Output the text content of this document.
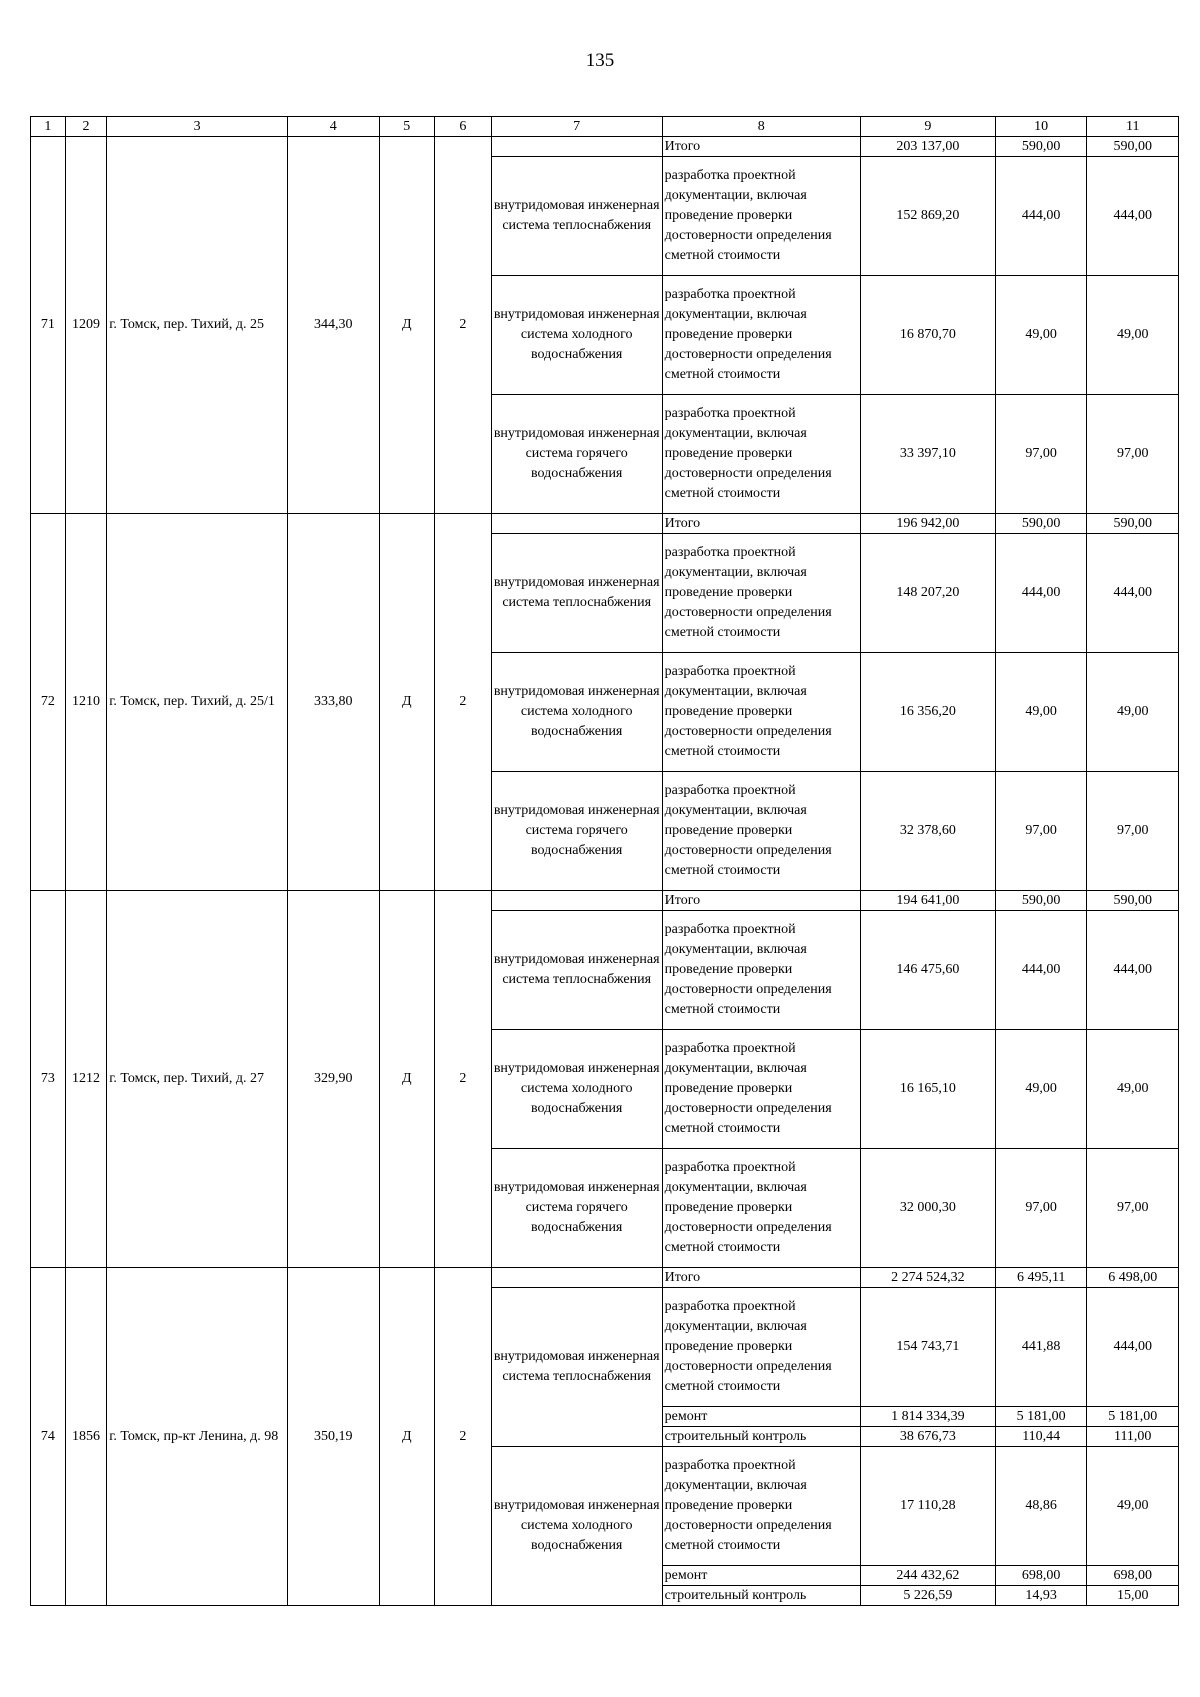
135
1	2	3	4	5	6	7	8	9	10	11
71	1209	г. Томск, пер. Тихий, д. 25	344,30	Д	2		Итого	203 137,00	590,00	590,00
						внутридомовая инженерная система теплоснабжения	разработка проектной документации, включая проведение проверки достоверности определения сметной стоимости	152 869,20	444,00	444,00
						внутридомовая инженерная система холодного водоснабжения	разработка проектной документации, включая проведение проверки достоверности определения сметной стоимости	16 870,70	49,00	49,00
						внутридомовая инженерная система горячего водоснабжения	разработка проектной документации, включая проведение проверки достоверности определения сметной стоимости	33 397,10	97,00	97,00
72	1210	г. Томск, пер. Тихий, д. 25/1	333,80	Д	2		Итого	196 942,00	590,00	590,00
						внутридомовая инженерная система теплоснабжения	разработка проектной документации, включая проведение проверки достоверности определения сметной стоимости	148 207,20	444,00	444,00
						внутридомовая инженерная система холодного водоснабжения	разработка проектной документации, включая проведение проверки достоверности определения сметной стоимости	16 356,20	49,00	49,00
						внутридомовая инженерная система горячего водоснабжения	разработка проектной документации, включая проведение проверки достоверности определения сметной стоимости	32 378,60	97,00	97,00
73	1212	г. Томск, пер. Тихий, д. 27	329,90	Д	2		Итого	194 641,00	590,00	590,00
						внутридомовая инженерная система теплоснабжения	разработка проектной документации, включая проведение проверки достоверности определения сметной стоимости	146 475,60	444,00	444,00
						внутридомовая инженерная система холодного водоснабжения	разработка проектной документации, включая проведение проверки достоверности определения сметной стоимости	16 165,10	49,00	49,00
						внутридомовая инженерная система горячего водоснабжения	разработка проектной документации, включая проведение проверки достоверности определения сметной стоимости	32 000,30	97,00	97,00
74	1856	г. Томск, пр-кт Ленина, д. 98	350,19	Д	2		Итого	2 274 524,32	6 495,11	6 498,00
						внутридомовая инженерная система теплоснабжения	разработка проектной документации, включая проведение проверки достоверности определения сметной стоимости	154 743,71	441,88	444,00
							ремонт	1 814 334,39	5 181,00	5 181,00
							строительный контроль	38 676,73	110,44	111,00
						внутридомовая инженерная система холодного водоснабжения	разработка проектной документации, включая проведение проверки достоверности определения сметной стоимости	17 110,28	48,86	49,00
							ремонт	244 432,62	698,00	698,00
							строительный контроль	5 226,59	14,93	15,00
